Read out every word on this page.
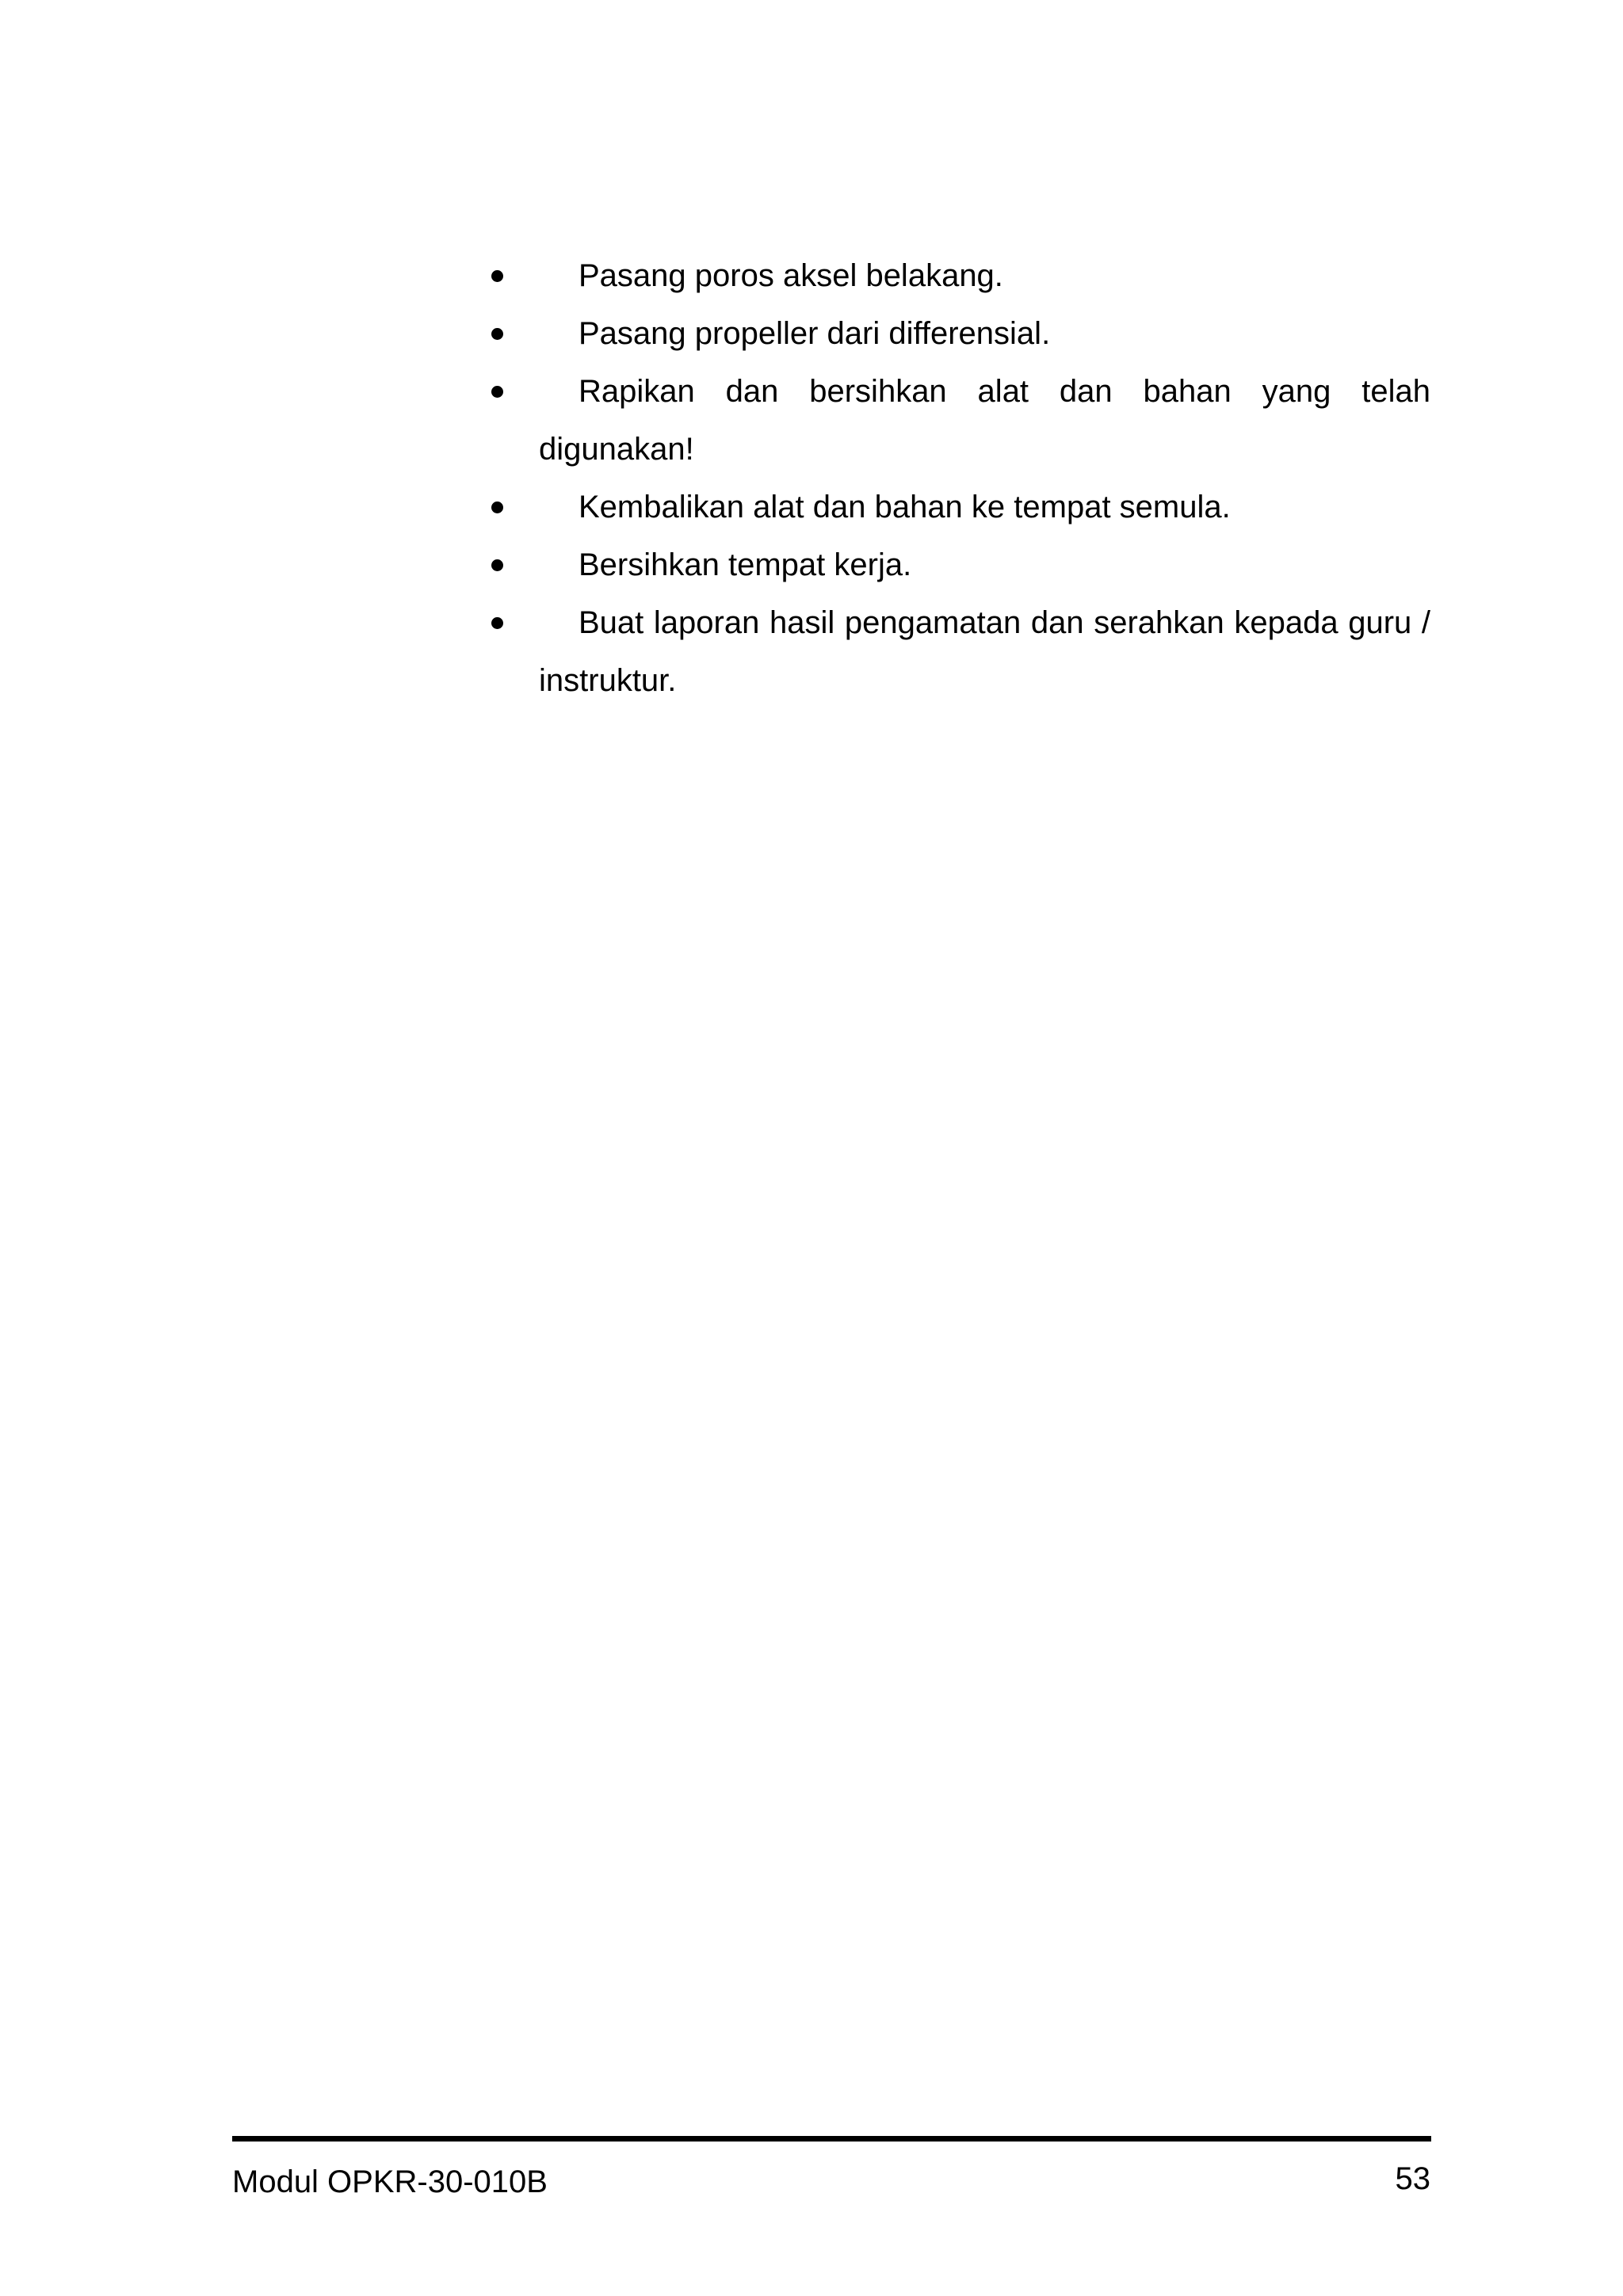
Pasang poros aksel belakang.
Pasang propeller dari differensial.
Rapikan dan bersihkan alat dan bahan yang telah digunakan!
Kembalikan alat dan bahan ke tempat semula.
Bersihkan tempat kerja.
Buat laporan hasil pengamatan dan serahkan kepada guru / instruktur.
Modul OPKR-30-010B	53
